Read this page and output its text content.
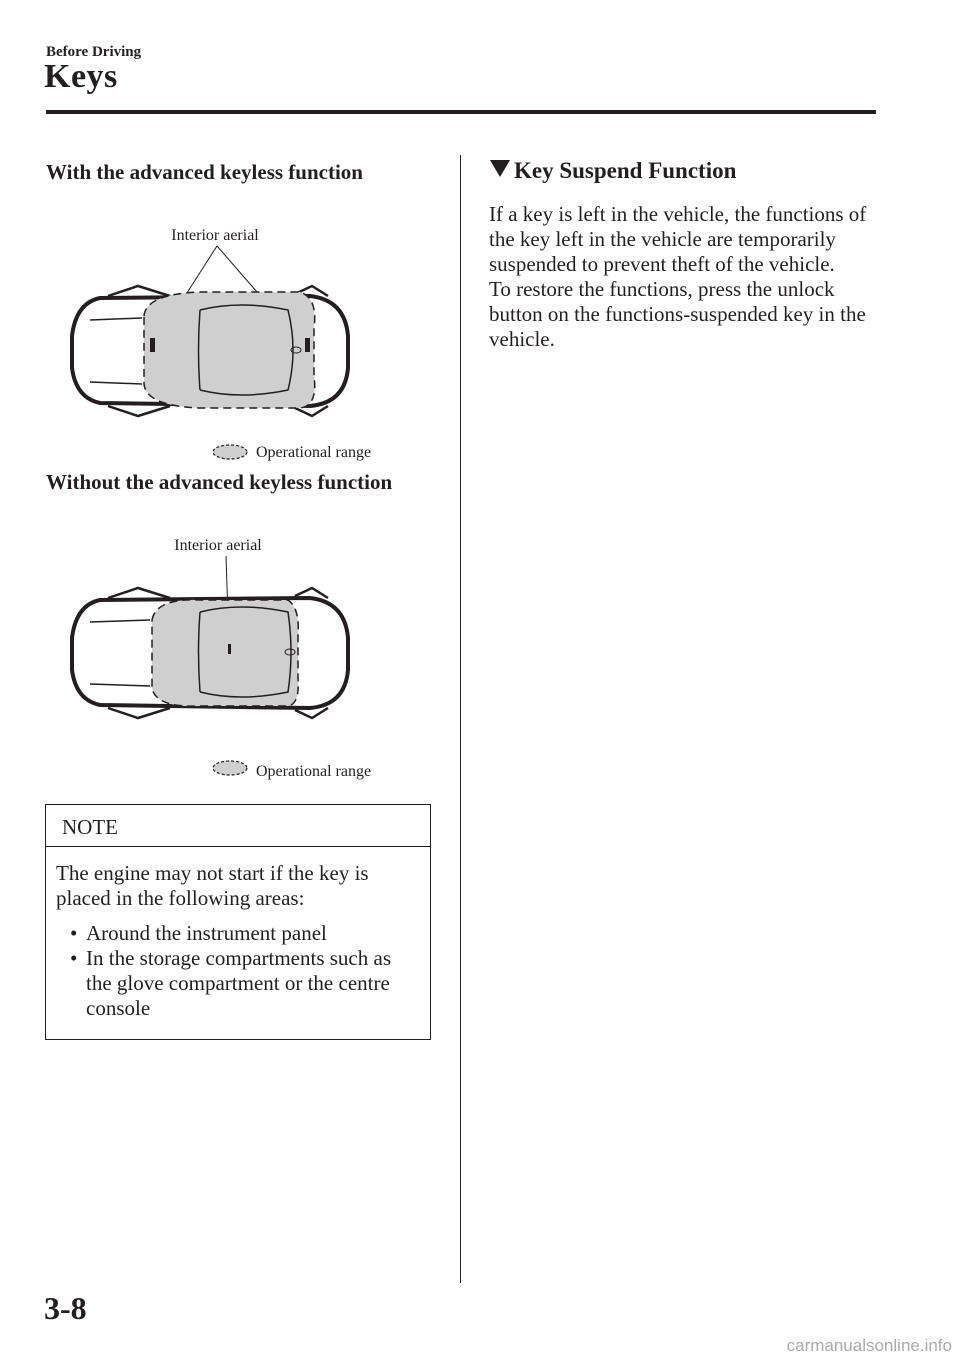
Before Driving
Keys
With the advanced keyless function
Interior aerial
Operational range
Without the advanced keyless function
Interior aerial
Operational range
NOTE
The engine may not start if the key is placed in the following areas:
• Around the instrument panel
• In the storage compartments such as the glove compartment or the centre console
Key Suspend Function
If a key is left in the vehicle, the functions of the key left in the vehicle are temporarily suspended to prevent theft of the vehicle.
To restore the functions, press the unlock button on the functions-suspended key in the vehicle.
3-8
carmanualsonline.info
